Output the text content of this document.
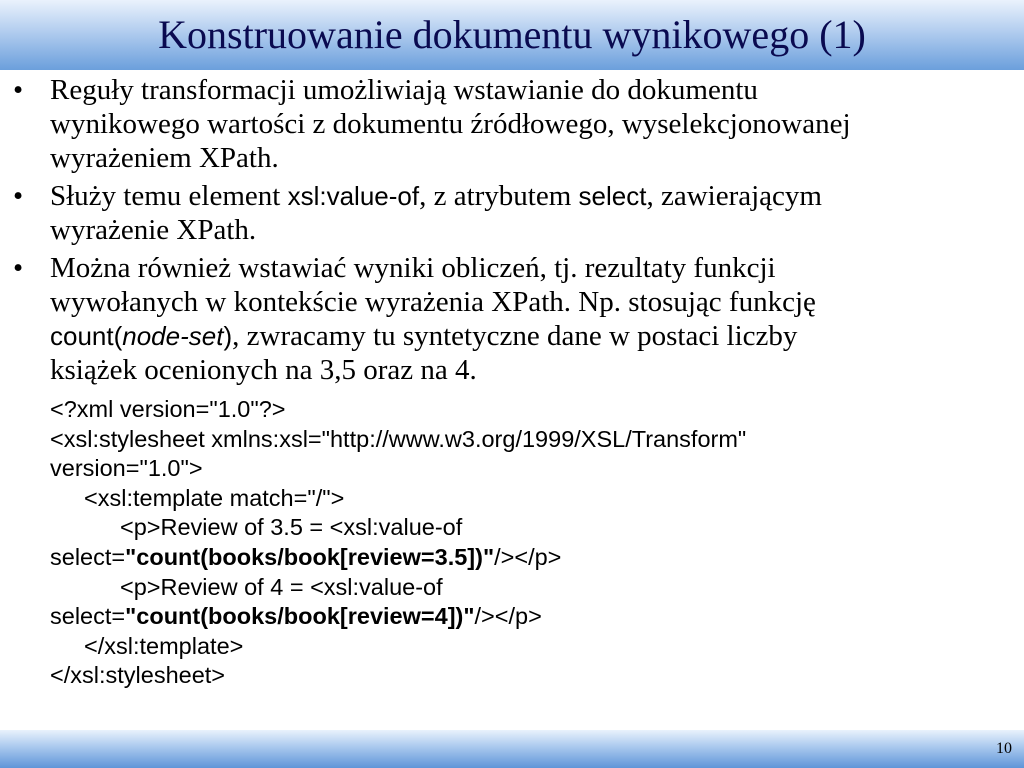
Konstruowanie dokumentu wynikowego (1)
• Reguły transformacji umożliwiają wstawianie do dokumentu
wynikowego wartości z dokumentu źródłowego, wyselekcjonowanej
wyrażeniem XPath.
• Służy temu element xsl:value-of, z atrybutem select, zawierającym
wyrażenie XPath.
• Można również wstawiać wyniki obliczeń, tj. rezultaty funkcji
wywołanych w kontekście wyrażenia XPath. Np. stosując funkcję
count(node-set), zwracamy tu syntetyczne dane w postaci liczby
książek ocenionych na 3,5 oraz na 4.
<?xml version="1.0"?>
<xsl:stylesheet xmlns:xsl="http://www.w3.org/1999/XSL/Transform"
version="1.0">
<xsl:template match="/">
<p>Review of 3.5 = <xsl:value-of
select="count(books/book[review=3.5])"/></p>
<p>Review of 4 = <xsl:value-of
select="count(books/book[review=4])"/></p>
</xsl:template>
</xsl:stylesheet>
10
